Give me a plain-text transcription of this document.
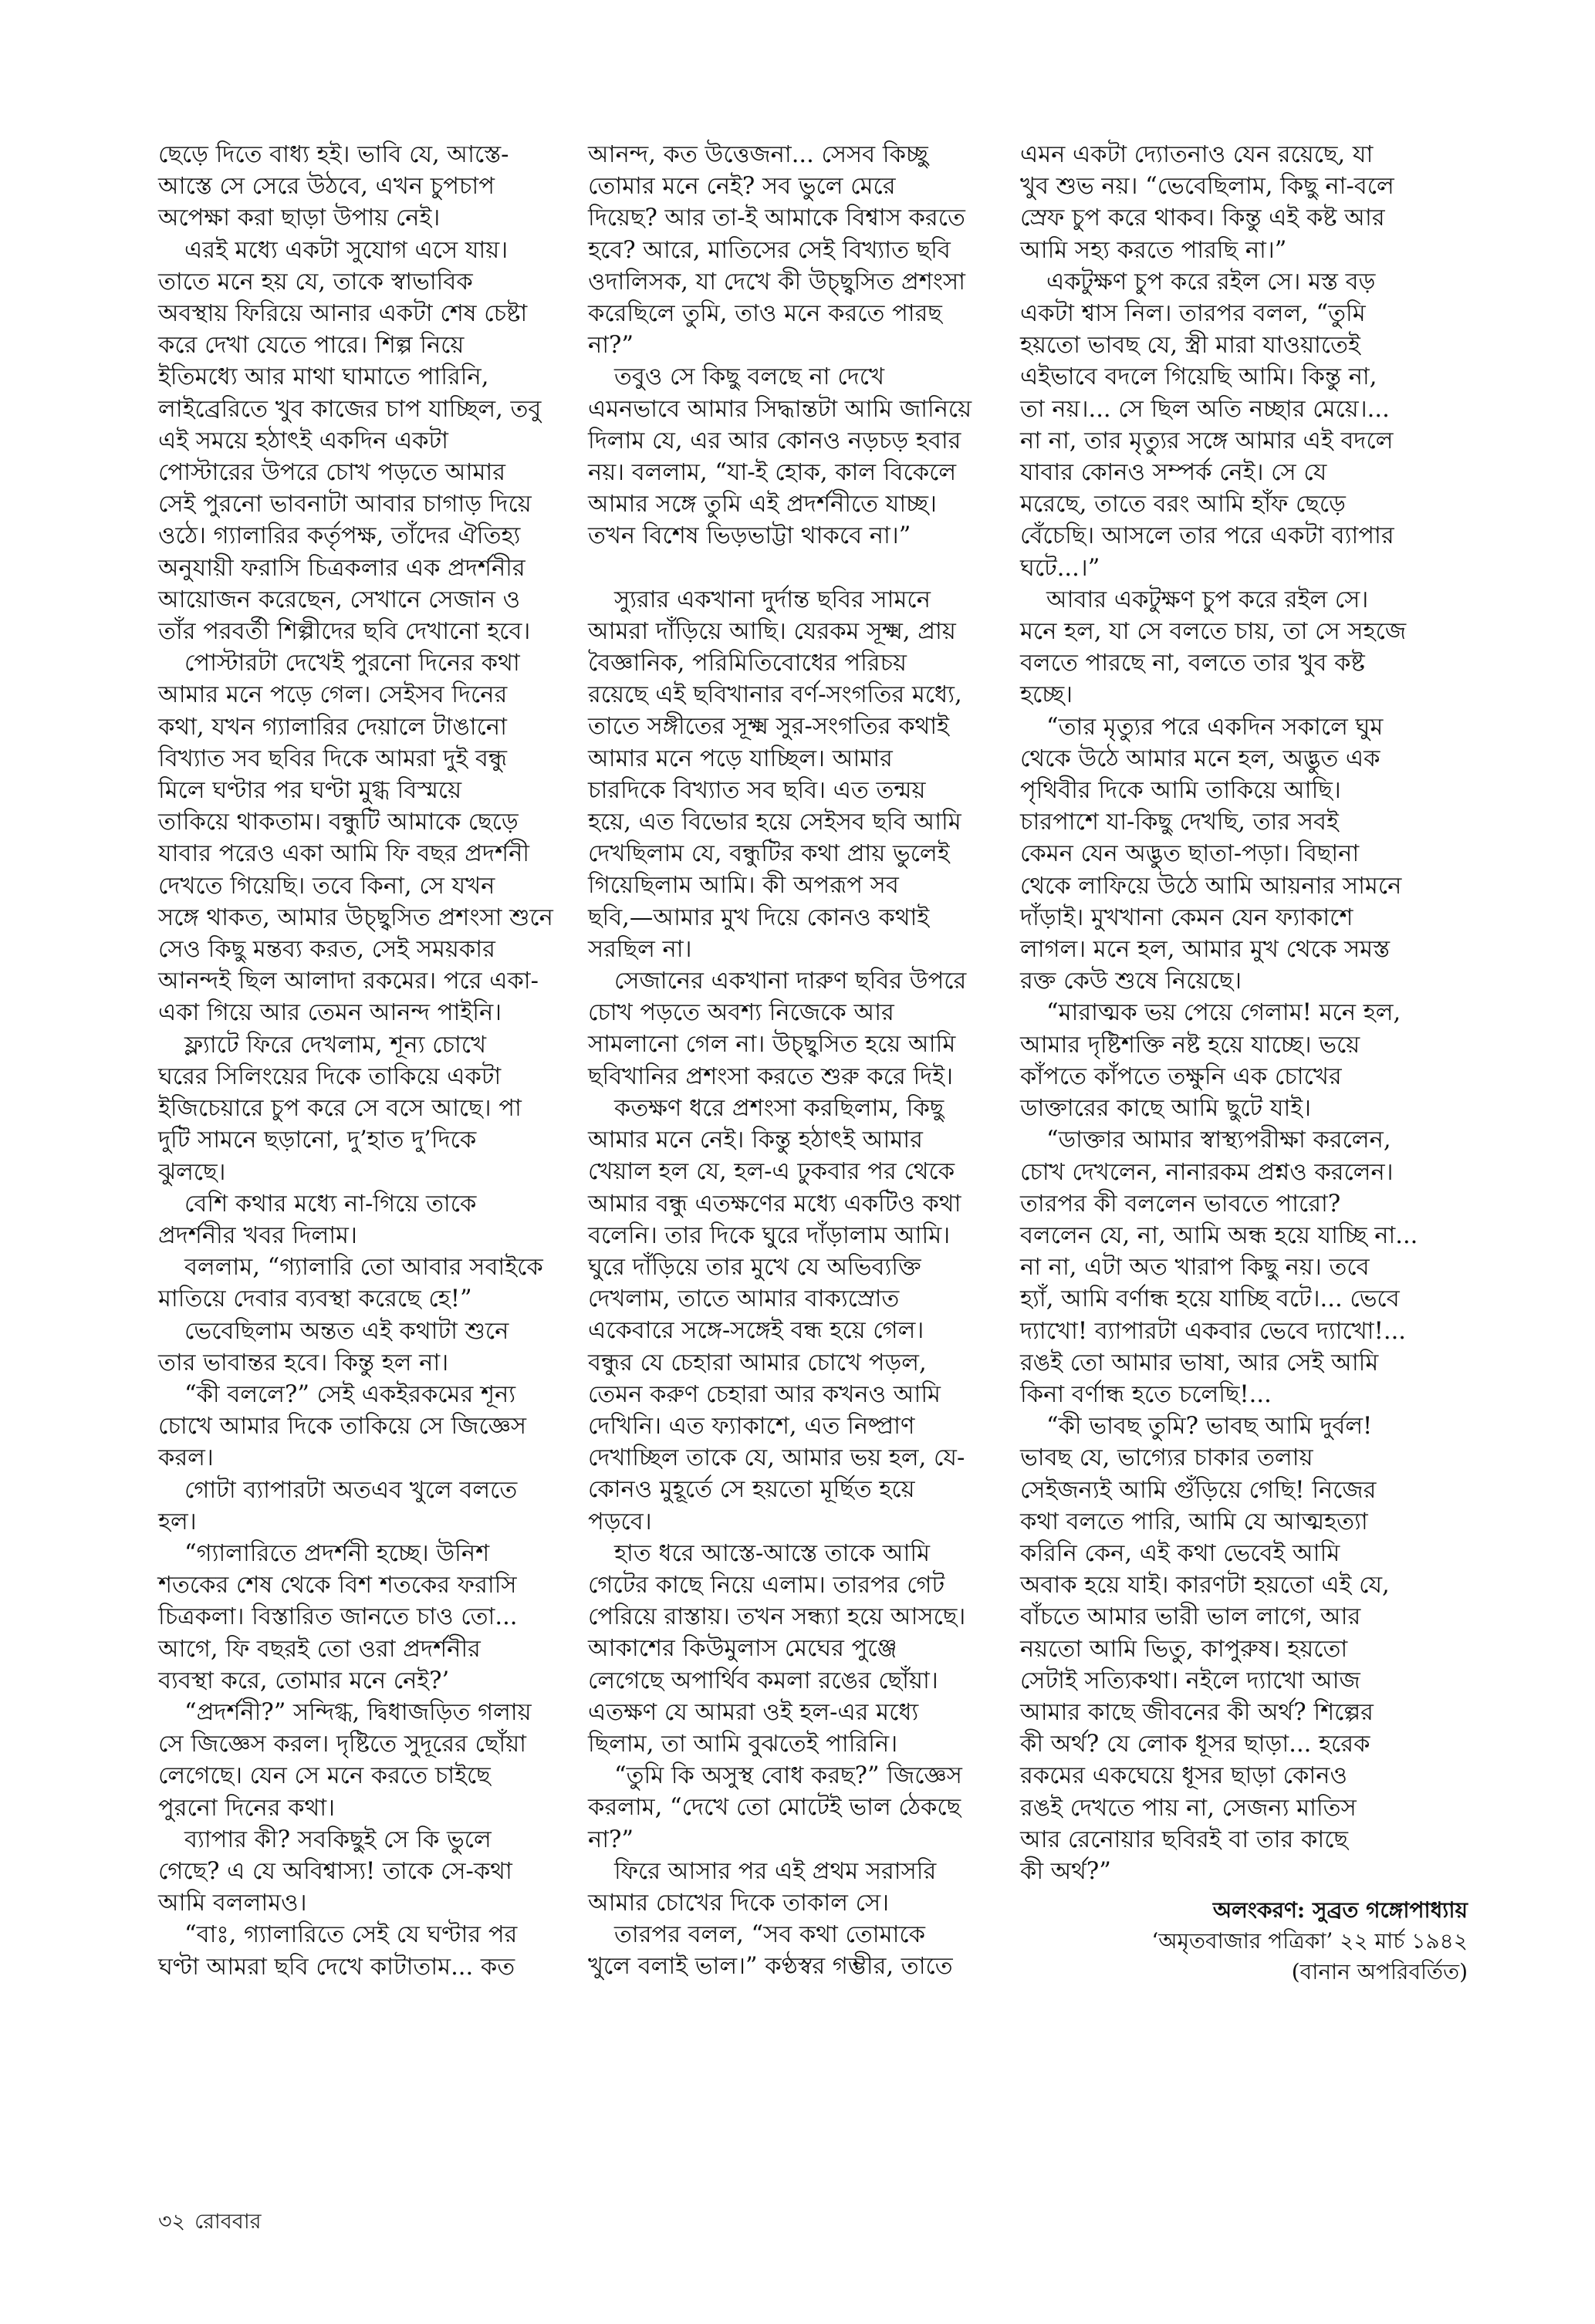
ছেড়ে দিতে বাধ্য হই। ভাবি যে, আস্তে-
আস্তে সে সেরে উঠবে, এখন চুপচাপ
অপেক্ষা করা ছাড়া উপায় নেই।

এরই মধ্যে একটা সুযোগ এসে যায়।
তাতে মনে হয় যে, তাকে স্বাভাবিক
অবস্থায় ফিরিয়ে আনার একটা শেষ চেষ্টা
করে দেখা যেতে পারে। শিল্প নিয়ে
ইতিমধ্যে আর মাথা ঘামাতে পারিনি,
লাইব্রেরিতে খুব কাজের চাপ যাচ্ছিল, তবু
এই সময়ে হঠাৎই একদিন একটা
পোস্টারের উপরে চোখ পড়তে আমার
সেই পুরনো ভাবনাটা আবার চাগাড় দিয়ে
ওঠে। গ্যালারির কর্তৃপক্ষ, তাঁদের ঐতিহ্য
অনুযায়ী ফরাসি চিত্রকলার এক প্রদর্শনীর
আয়োজন করেছেন, সেখানে সেজান ও
তাঁর পরবর্তী শিল্পীদের ছবি দেখানো হবে।

পোস্টারটা দেখেই পুরনো দিনের কথা
আমার মনে পড়ে গেল। সেইসব দিনের
কথা, যখন গ্যালারির দেয়ালে টাঙানো
বিখ্যাত সব ছবির দিকে আমরা দুই বন্ধু
মিলে ঘণ্টার পর ঘণ্টা মুগ্ধ বিস্ময়ে
তাকিয়ে থাকতাম। বন্ধুটি আমাকে ছেড়ে
যাবার পরেও একা আমি ফি বছর প্রদর্শনী
দেখতে গিয়েছি। তবে কিনা, সে যখন
সঙ্গে থাকত, আমার উচ্ছ্বসিত প্রশংসা শুনে
সেও কিছু মন্তব্য করত, সেই সময়কার
আনন্দই ছিল আলাদা রকমের। পরে একা-
একা গিয়ে আর তেমন আনন্দ পাইনি।

ফ্ল্যাটে ফিরে দেখলাম, শূন্য চোখে
ঘরের সিলিংয়ের দিকে তাকিয়ে একটা
ইজিচেয়ারে চুপ করে সে বসে আছে। পা
দুটি সামনে ছড়ানো, দু’হাত দু’দিকে
ঝুলছে।

বেশি কথার মধ্যে না-গিয়ে তাকে
প্রদর্শনীর খবর দিলাম।

বললাম, “গ্যালারি তো আবার সবাইকে
মাতিয়ে দেবার ব্যবস্থা করেছে হে!”

ভেবেছিলাম অন্তত এই কথাটা শুনে
তার ভাবান্তর হবে। কিন্তু হল না।

“কী বললে?” সেই একইরকমের শূন্য
চোখে আমার দিকে তাকিয়ে সে জিজ্ঞেস
করল।

গোটা ব্যাপারটা অতএব খুলে বলতে
হল।

“গ্যালারিতে প্রদর্শনী হচ্ছে। উনিশ
শতকের শেষ থেকে বিশ শতকের ফরাসি
চিত্রকলা। বিস্তারিত জানতে চাও তো...
আগে, ফি বছরই তো ওরা প্রদর্শনীর
ব্যবস্থা করে, তোমার মনে নেই?’

“প্রদর্শনী?” সন্দিগ্ধ, দ্বিধাজড়িত গলায়
সে জিজ্ঞেস করল। দৃষ্টিতে সুদূরের ছোঁয়া
লেগেছে। যেন সে মনে করতে চাইছে
পুরনো দিনের কথা।

ব্যাপার কী? সবকিছুই সে কি ভুলে
গেছে? এ যে অবিশ্বাস্য! তাকে সে-কথা
আমি বললামও।

“বাঃ, গ্যালারিতে সেই যে ঘণ্টার পর
ঘণ্টা আমরা ছবি দেখে কাটাতাম... কত

আনন্দ, কত উত্তেজনা... সেসব কিচ্ছু
তোমার মনে নেই? সব ভুলে মেরে
দিয়েছ? আর তা-ই আমাকে বিশ্বাস করতে
হবে? আরে, মাতিসের সেই বিখ্যাত ছবি
ওদালিসক, যা দেখে কী উচ্ছ্বসিত প্রশংসা
করেছিলে তুমি, তাও মনে করতে পারছ
না?”

তবুও সে কিছু বলছে না দেখে
এমনভাবে আমার সিদ্ধান্তটা আমি জানিয়ে
দিলাম যে, এর আর কোনও নড়চড় হবার
নয়। বললাম, “যা-ই হোক, কাল বিকেলে
আমার সঙ্গে তুমি এই প্রদর্শনীতে যাচ্ছ।
তখন বিশেষ ভিড়ভাট্টা থাকবে না।”

স্যুরার একখানা দুর্দান্ত ছবির সামনে
আমরা দাঁড়িয়ে আছি। যেরকম সূক্ষ্ম, প্রায়
বৈজ্ঞানিক, পরিমিতিবোধের পরিচয়
রয়েছে এই ছবিখানার বর্ণ-সংগতির মধ্যে,
তাতে সঙ্গীতের সূক্ষ্ম সুর-সংগতির কথাই
আমার মনে পড়ে যাচ্ছিল। আমার
চারদিকে বিখ্যাত সব ছবি। এত তন্ময়
হয়ে, এত বিভোর হয়ে সেইসব ছবি আমি
দেখছিলাম যে, বন্ধুটির কথা প্রায় ভুলেই
গিয়েছিলাম আমি। কী অপরূপ সব
ছবি,—আমার মুখ দিয়ে কোনও কথাই
সরছিল না।

সেজানের একখানা দারুণ ছবির উপরে
চোখ পড়তে অবশ্য নিজেকে আর
সামলানো গেল না। উচ্ছ্বসিত হয়ে আমি
ছবিখানির প্রশংসা করতে শুরু করে দিই।

কতক্ষণ ধরে প্রশংসা করছিলাম, কিছু
আমার মনে নেই। কিন্তু হঠাৎই আমার
খেয়াল হল যে, হল-এ ঢুকবার পর থেকে
আমার বন্ধু এতক্ষণের মধ্যে একটিও কথা
বলেনি। তার দিকে ঘুরে দাঁড়ালাম আমি।
ঘুরে দাঁড়িয়ে তার মুখে যে অভিব্যক্তি
দেখলাম, তাতে আমার বাক্যস্রোত
একেবারে সঙ্গে-সঙ্গেই বন্ধ হয়ে গেল।
বন্ধুর যে চেহারা আমার চোখে পড়ল,
তেমন করুণ চেহারা আর কখনও আমি
দেখিনি। এত ফ্যাকাশে, এত নিষ্প্রাণ
দেখাচ্ছিল তাকে যে, আমার ভয় হল, যে-
কোনও মুহূর্তে সে হয়তো মূর্ছিত হয়ে
পড়বে।

হাত ধরে আস্তে-আস্তে তাকে আমি
গেটের কাছে নিয়ে এলাম। তারপর গেট
পেরিয়ে রাস্তায়। তখন সন্ধ্যা হয়ে আসছে।
আকাশের কিউমুলাস মেঘের পুঞ্জে
লেগেছে অপার্থিব কমলা রঙের ছোঁয়া।
এতক্ষণ যে আমরা ওই হল-এর মধ্যে
ছিলাম, তা আমি বুঝতেই পারিনি।

“তুমি কি অসুস্থ বোধ করছ?” জিজ্ঞেস
করলাম, “দেখে তো মোটেই ভাল ঠেকছে
না?”

ফিরে আসার পর এই প্রথম সরাসরি
আমার চোখের দিকে তাকাল সে।

তারপর বলল, “সব কথা তোমাকে
খুলে বলাই ভাল।” কণ্ঠস্বর গম্ভীর, তাতে

এমন একটা দ্যোতনাও যেন রয়েছে, যা
খুব শুভ নয়। “ভেবেছিলাম, কিছু না-বলে
স্রেফ চুপ করে থাকব। কিন্তু এই কষ্ট আর
আমি সহ্য করতে পারছি না।”

একটুক্ষণ চুপ করে রইল সে। মস্ত বড়
একটা শ্বাস নিল। তারপর বলল, “তুমি
হয়তো ভাবছ যে, স্ত্রী মারা যাওয়াতেই
এইভাবে বদলে গিয়েছি আমি। কিন্তু না,
তা নয়।... সে ছিল অতি নচ্ছার মেয়ে।...
না না, তার মৃত্যুর সঙ্গে আমার এই বদলে
যাবার কোনও সম্পর্ক নেই। সে যে
মরেছে, তাতে বরং আমি হাঁফ ছেড়ে
বেঁচেছি। আসলে তার পরে একটা ব্যাপার
ঘটে...।”

আবার একটুক্ষণ চুপ করে রইল সে।
মনে হল, যা সে বলতে চায়, তা সে সহজে
বলতে পারছে না, বলতে তার খুব কষ্ট
হচ্ছে।

“তার মৃত্যুর পরে একদিন সকালে ঘুম
থেকে উঠে আমার মনে হল, অদ্ভুত এক
পৃথিবীর দিকে আমি তাকিয়ে আছি।
চারপাশে যা-কিছু দেখছি, তার সবই
কেমন যেন অদ্ভুত ছাতা-পড়া। বিছানা
থেকে লাফিয়ে উঠে আমি আয়নার সামনে
দাঁড়াই। মুখখানা কেমন যেন ফ্যাকাশে
লাগল। মনে হল, আমার মুখ থেকে সমস্ত
রক্ত কেউ শুষে নিয়েছে।

“মারাত্মক ভয় পেয়ে গেলাম! মনে হল,
আমার দৃষ্টিশক্তি নষ্ট হয়ে যাচ্ছে। ভয়ে
কাঁপতে কাঁপতে তক্ষুনি এক চোখের
ডাক্তারের কাছে আমি ছুটে যাই।

“ডাক্তার আমার স্বাস্থ্যপরীক্ষা করলেন,
চোখ দেখলেন, নানারকম প্রশ্নও করলেন।
তারপর কী বললেন ভাবতে পারো?
বললেন যে, না, আমি অন্ধ হয়ে যাচ্ছি না...
না না, এটা অত খারাপ কিছু নয়। তবে
হ্যাঁ, আমি বর্ণান্ধ হয়ে যাচ্ছি বটে।... ভেবে
দ্যাখো! ব্যাপারটা একবার ভেবে দ্যাখো!...
রঙই তো আমার ভাষা, আর সেই আমি
কিনা বর্ণান্ধ হতে চলেছি!...

“কী ভাবছ তুমি? ভাবছ আমি দুর্বল!
ভাবছ যে, ভাগ্যের চাকার তলায়
সেইজন্যই আমি গুঁড়িয়ে গেছি! নিজের
কথা বলতে পারি, আমি যে আত্মহত্যা
করিনি কেন, এই কথা ভেবেই আমি
অবাক হয়ে যাই। কারণটা হয়তো এই যে,
বাঁচতে আমার ভারী ভাল লাগে, আর
নয়তো আমি ভিতু, কাপুরুষ। হয়তো
সেটাই সত্যিকথা। নইলে দ্যাখো আজ
আমার কাছে জীবনের কী অর্থ? শিল্পের
কী অর্থ? যে লোক ধূসর ছাড়া... হরেক
রকমের একঘেয়ে ধূসর ছাড়া কোনও
রঙই দেখতে পায় না, সেজন্য মাতিস
আর রেনোয়ার ছবিরই বা তার কাছে
কী অর্থ?”

অলংকরণ: সুব্রত গঙ্গোপাধ্যায়
‘অমৃতবাজার পত্রিকা’ ২২ মার্চ ১৯৪২
(বানান অপরিবর্তিত)
৩২ রোববার
